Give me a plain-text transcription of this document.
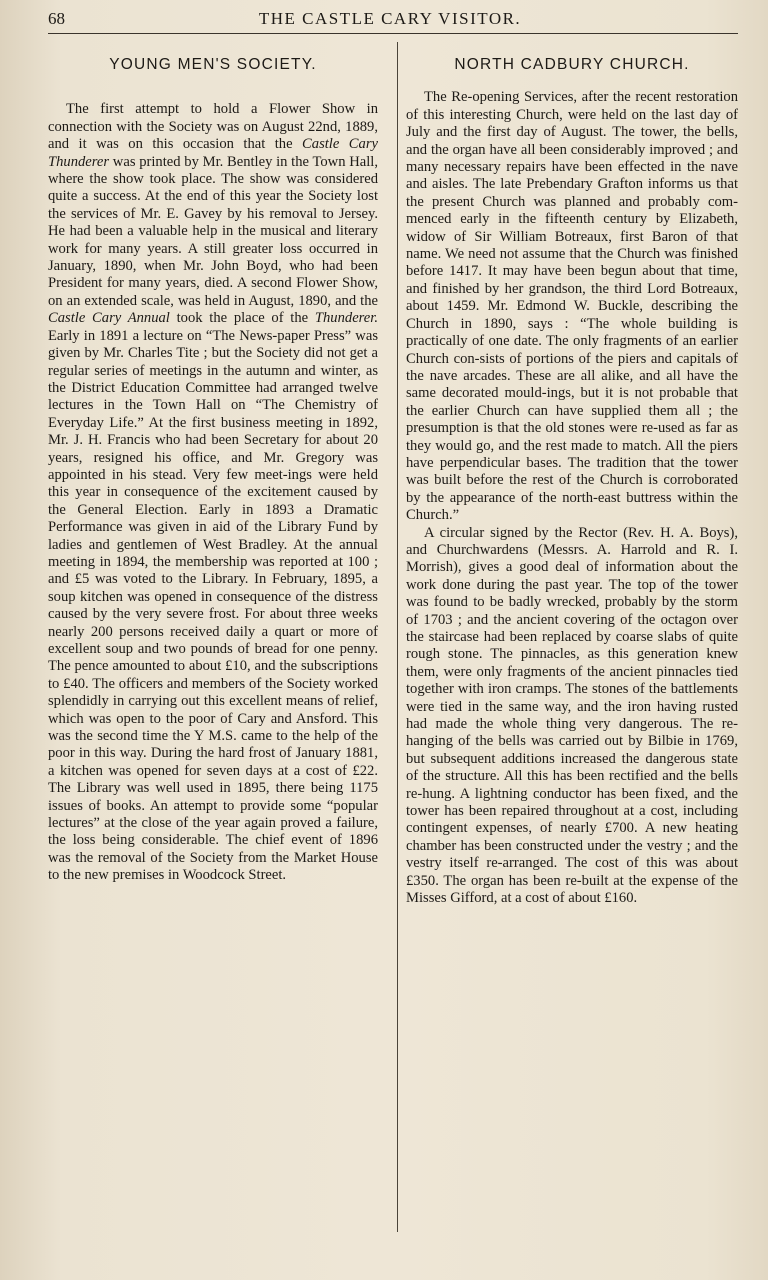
68	THE CASTLE CARY VISITOR.
YOUNG MEN'S SOCIETY.

The first attempt to hold a Flower Show in connection with the Society was on August 22nd, 1889, and it was on this occasion that the Castle Cary Thunderer was printed by Mr. Bentley in the Town Hall, where the show took place. The show was considered quite a success. At the end of this year the Society lost the services of Mr. E. Gavey by his removal to Jersey. He had been a valuable help in the musical and literary work for many years. A still greater loss occurred in January, 1890, when Mr. John Boyd, who had been President for many years, died. A second Flower Show, on an extended scale, was held in August, 1890, and the Castle Cary Annual took the place of the Thunderer. Early in 1891 a lecture on “The News-paper Press” was given by Mr. Charles Tite ; but the Society did not get a regular series of meetings in the autumn and winter, as the District Education Committee had arranged twelve lectures in the Town Hall on “The Chemistry of Everyday Life.” At the first business meeting in 1892, Mr. J. H. Francis who had been Secretary for about 20 years, resigned his office, and Mr. Gregory was appointed in his stead. Very few meet-ings were held this year in consequence of the excitement caused by the General Election. Early in 1893 a Dramatic Performance was given in aid of the Library Fund by ladies and gentlemen of West Bradley. At the annual meeting in 1894, the membership was reported at 100 ; and £5 was voted to the Library. In February, 1895, a soup kitchen was opened in consequence of the distress caused by the very severe frost. For about three weeks nearly 200 persons received daily a quart or more of excellent soup and two pounds of bread for one penny. The pence amounted to about £10, and the subscriptions to £40. The officers and members of the Society worked splendidly in carrying out this excellent means of relief, which was open to the poor of Cary and Ansford. This was the second time the Y M.S. came to the help of the poor in this way. During the hard frost of January 1881, a kitchen was opened for seven days at a cost of £22. The Library was well used in 1895, there being 1175 issues of books. An attempt to provide some “popular lectures” at the close of the year again proved a failure, the loss being considerable. The chief event of 1896 was the removal of the Society from the Market House to the new premises in Woodcock Street.

NORTH CADBURY CHURCH.

The Re-opening Services, after the recent restoration of this interesting Church, were held on the last day of July and the first day of August. The tower, the bells, and the organ have all been considerably improved ; and many necessary repairs have been effected in the nave and aisles. The late Prebendary Grafton informs us that the present Church was planned and probably com-menced early in the fifteenth century by Elizabeth, widow of Sir William Botreaux, first Baron of that name. We need not assume that the Church was finished before 1417. It may have been begun about that time, and finished by her grandson, the third Lord Botreaux, about 1459. Mr. Edmond W. Buckle, describing the Church in 1890, says : “The whole building is practically of one date. The only fragments of an earlier Church con-sists of portions of the piers and capitals of the nave arcades. These are all alike, and all have the same decorated mould-ings, but it is not probable that the earlier Church can have supplied them all ; the presumption is that the old stones were re-used as far as they would go, and the rest made to match. All the piers have perpendicular bases. The tradition that the tower was built before the rest of the Church is corroborated by the appearance of the north-east buttress within the Church.”

A circular signed by the Rector (Rev. H. A. Boys), and Churchwardens (Messrs. A. Harrold and R. I. Morrish), gives a good deal of information about the work done during the past year. The top of the tower was found to be badly wrecked, probably by the storm of 1703 ; and the ancient covering of the octagon over the staircase had been replaced by coarse slabs of quite rough stone. The pinnacles, as this generation knew them, were only fragments of the ancient pinnacles tied together with iron cramps. The stones of the battlements were tied in the same way, and the iron having rusted had made the whole thing very dangerous. The re-hanging of the bells was carried out by Bilbie in 1769, but subsequent additions increased the dangerous state of the structure. All this has been rectified and the bells re-hung. A lightning conductor has been fixed, and the tower has been repaired throughout at a cost, including contingent expenses, of nearly £700. A new heating chamber has been constructed under the vestry ; and the vestry itself re-arranged. The cost of this was about £350. The organ has been re-built at the expense of the Misses Gifford, at a cost of about £160.
